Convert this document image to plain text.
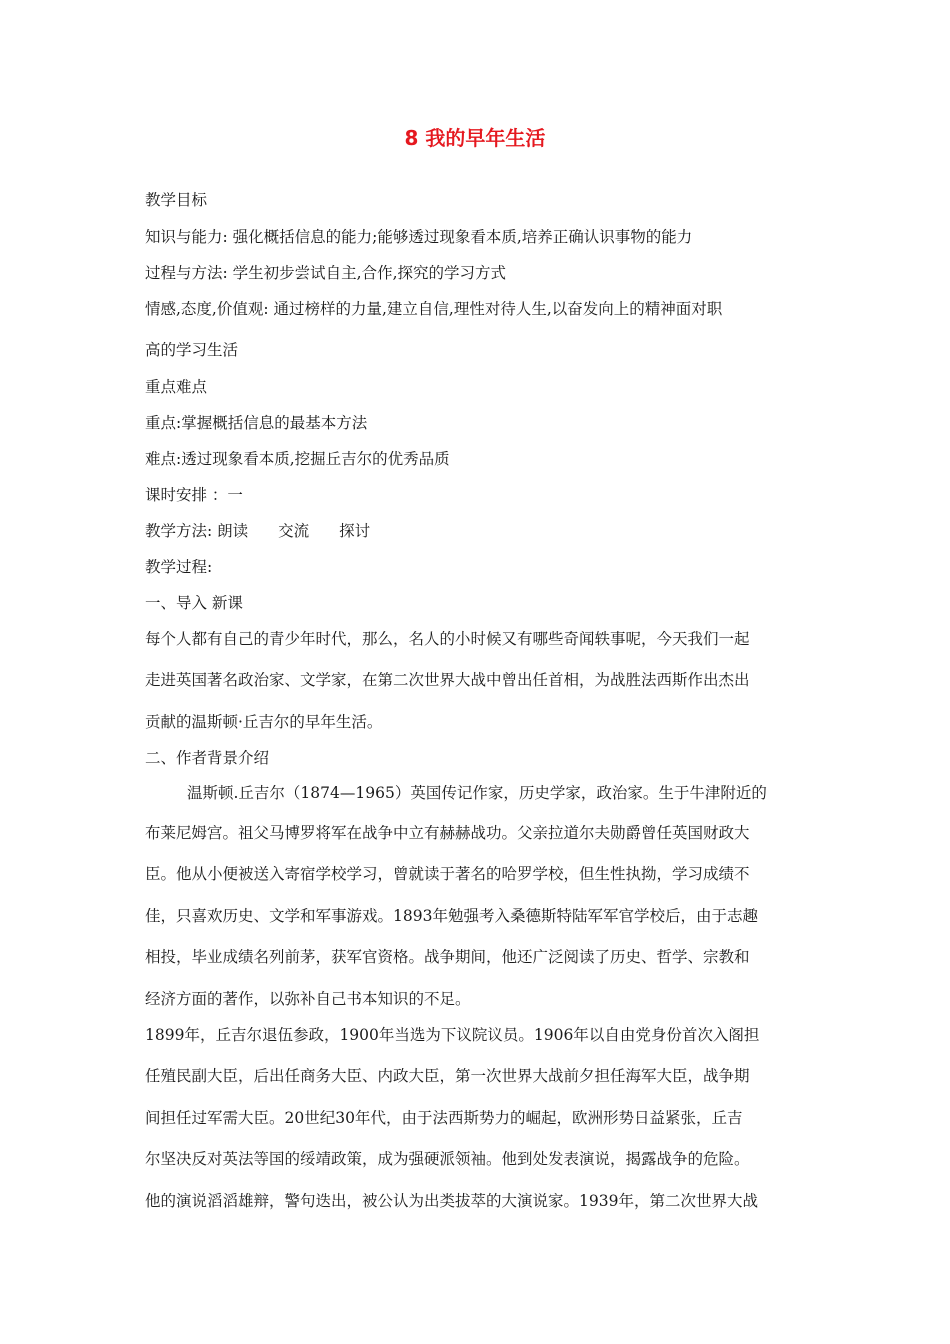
8 我的早年生活

教学目标

知识与能力: 强化概括信息的能力;能够透过现象看本质,培养正确认识事物的能力

过程与方法: 学生初步尝试自主,合作,探究的学习方式

情感,态度,价值观: 通过榜样的力量,建立自信,理性对待人生,以奋发向上的精神面对职

高的学习生活

重点难点

重点:掌握概括信息的最基本方法

难点:透过现象看本质,挖掘丘吉尔的优秀品质

课时安排 ：一

教学方法: 朗读 交流 探讨

教学过程:

一、导入 新课

每个人都有自己的青少年时代，那么，名人的小时候又有哪些奇闻轶事呢，今天我们一起

走进英国著名政治家、文学家，在第二次世界大战中曾出任首相，为战胜法西斯作出杰出

贡献的温斯顿·丘吉尔的早年生活。

二、作者背景介绍

温斯顿.丘吉尔（1874—1965）英国传记作家，历史学家，政治家。生于牛津附近的

布莱尼姆宫。祖父马博罗将军在战争中立有赫赫战功。父亲拉道尔夫勋爵曾任英国财政大

臣。他从小便被送入寄宿学校学习，曾就读于著名的哈罗学校，但生性执拗，学习成绩不

佳，只喜欢历史、文学和军事游戏。1893年勉强考入桑德斯特陆军军官学校后，由于志趣

相投，毕业成绩名列前茅，获军官资格。战争期间，他还广泛阅读了历史、哲学、宗教和

经济方面的著作，以弥补自己书本知识的不足。

1899年，丘吉尔退伍参政，1900年当选为下议院议员。1906年以自由党身份首次入阁担

任殖民副大臣，后出任商务大臣、内政大臣，第一次世界大战前夕担任海军大臣，战争期

间担任过军需大臣。20世纪30年代，由于法西斯势力的崛起，欧洲形势日益紧张，丘吉

尔坚决反对英法等国的绥靖政策，成为强硬派领袖。他到处发表演说，揭露战争的危险。

他的演说滔滔雄辩，警句迭出，被公认为出类拔萃的大演说家。1939年，第二次世界大战
